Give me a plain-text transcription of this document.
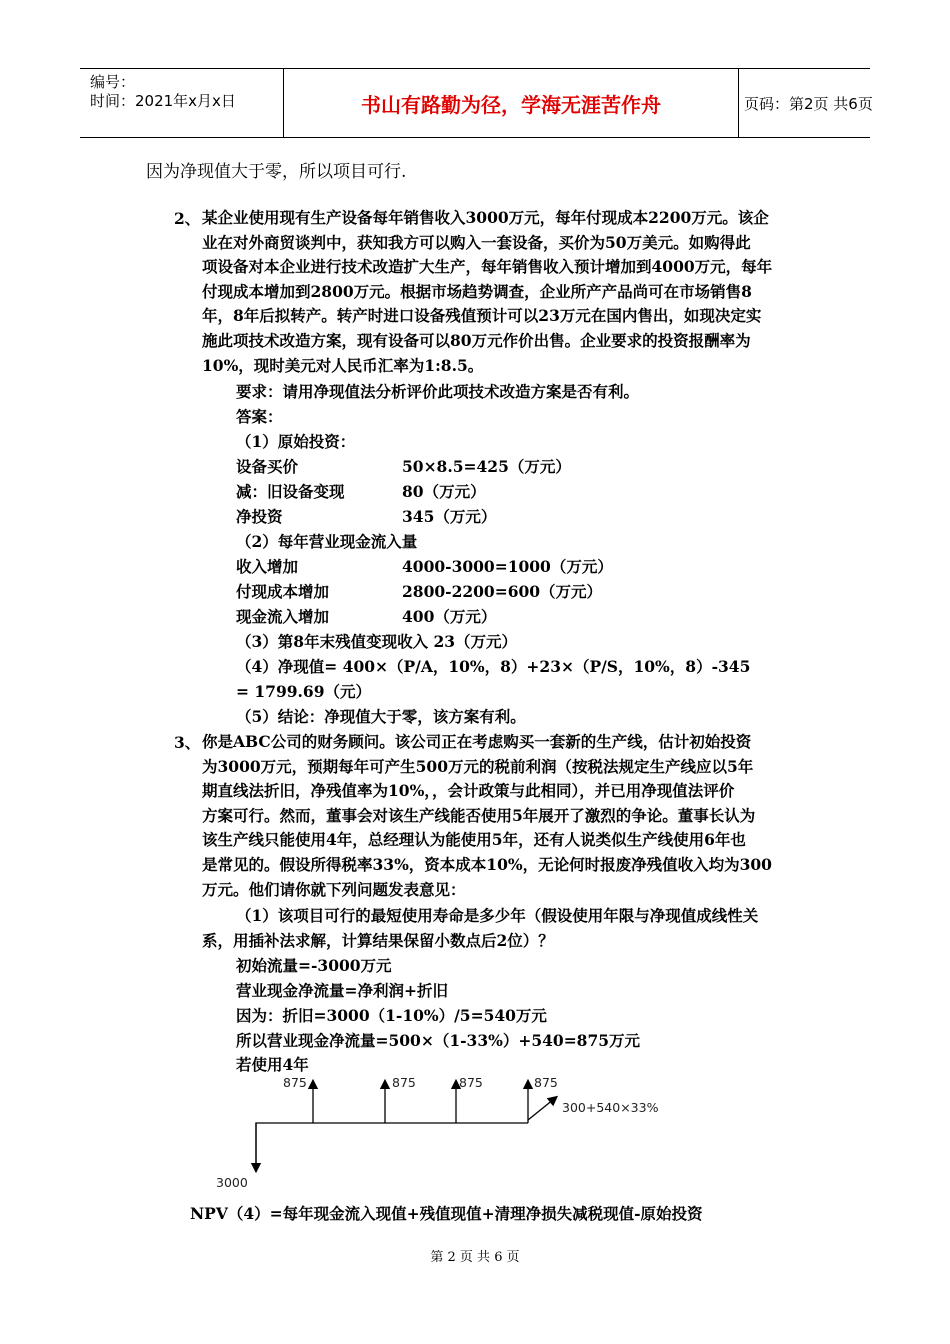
编号：
时间：2021年x月x日	书山有路勤为径，学海无涯苦作舟	页码：第2页 共6页
因为净现值大于零，所以项目可行.
2、 某企业使用现有生产设备每年销售收入3000万元，每年付现成本2200万元。该企
业在对外商贸谈判中，获知我方可以购入一套设备，买价为50万美元。如购得此
项设备对本企业进行技术改造扩大生产，每年销售收入预计增加到4000万元，每年
付现成本增加到2800万元。根据市场趋势调查，企业所产产品尚可在市场销售8
年，8年后拟转产。转产时进口设备残值预计可以23万元在国内售出，如现决定实
施此项技术改造方案，现有设备可以80万元作价出售。企业要求的投资报酬率为
10%，现时美元对人民币汇率为1:8.5。
要求：请用净现值法分析评价此项技术改造方案是否有利。
答案：
（1）原始投资：
设备买价	50×8.5=425（万元）
减：旧设备变现	80（万元）
净投资	345（万元）
（2）每年营业现金流入量
收入增加	4000-3000=1000（万元）
付现成本增加	2800-2200=600（万元）
现金流入增加	400（万元）
（3）第8年末残值变现收入 23（万元）
（4）净现值= 400×（P/A，10%，8）+23×（P/S，10%，8）-345
= 1799.69（元）
（5）结论：净现值大于零，该方案有利。
3、 你是ABC公司的财务顾问。该公司正在考虑购买一套新的生产线，估计初始投资
为3000万元，预期每年可产生500万元的税前利润（按税法规定生产线应以5年
期直线法折旧，净残值率为10%，，会计政策与此相同），并已用净现值法评价
方案可行。然而，董事会对该生产线能否使用5年展开了激烈的争论。董事长认为
该生产线只能使用4年，总经理认为能使用5年，还有人说类似生产线使用6年也
是常见的。假设所得税率33%，资本成本10%，无论何时报废净残值收入均为300
万元。他们请你就下列问题发表意见：
（1）该项目可行的最短使用寿命是多少年（假设使用年限与净现值成线性关
系，用插补法求解，计算结果保留小数点后2位）？
初始流量=-3000万元
营业现金净流量=净利润+折旧
因为：折旧=3000（1-10%）/5=540万元
所以营业现金净流量=500×（1-33%）+540=875万元
若使用4年
875	875	875	875
300+540×33%
3000
NPV（4）=每年现金流入现值+残值现值+清理净损失减税现值-原始投资
第 2 页 共 6 页
